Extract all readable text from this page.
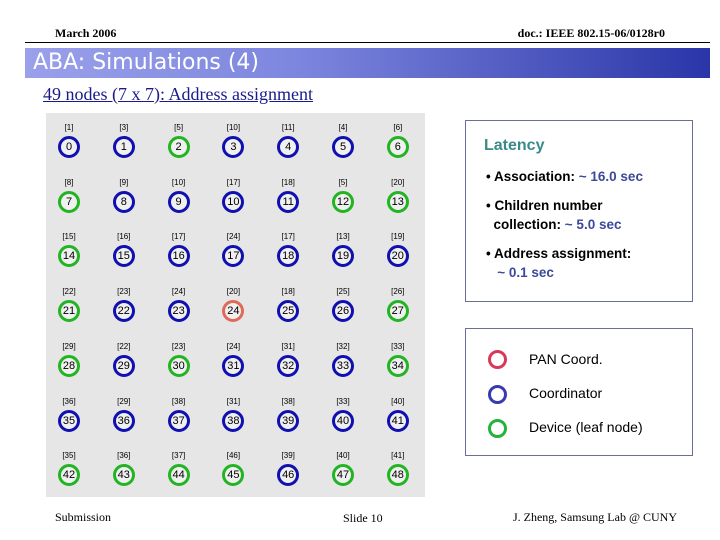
March 2006	doc.: IEEE 802.15-06/0128r0
ABA: Simulations (4)
49 nodes (7 x 7): Address assignment
[1]
0
[3]
1
[5]
2
[10]
3
[11]
4
[4]
5
[6]
6
[8]
7
[9]
8
[10]
9
[17]
10
[18]
11
[5]
12
[20]
13
[15]
14
[16]
15
[17]
16
[24]
17
[17]
18
[13]
19
[19]
20
[22]
21
[23]
22
[24]
23
[20]
24
[18]
25
[25]
26
[26]
27
[29]
28
[22]
29
[23]
30
[24]
31
[31]
32
[32]
33
[33]
34
[36]
35
[29]
36
[38]
37
[31]
38
[38]
39
[33]
40
[40]
41
[35]
42
[36]
43
[37]
44
[46]
45
[39]
46
[40]
47
[41]
48
Latency
• Association: ~ 16.0 sec
• Children number
collection: ~ 5.0 sec
• Address assignment:
~ 0.1 sec
PAN Coord.
Coordinator
Device (leaf node)
Submission	Slide 10	J. Zheng, Samsung Lab @ CUNY
